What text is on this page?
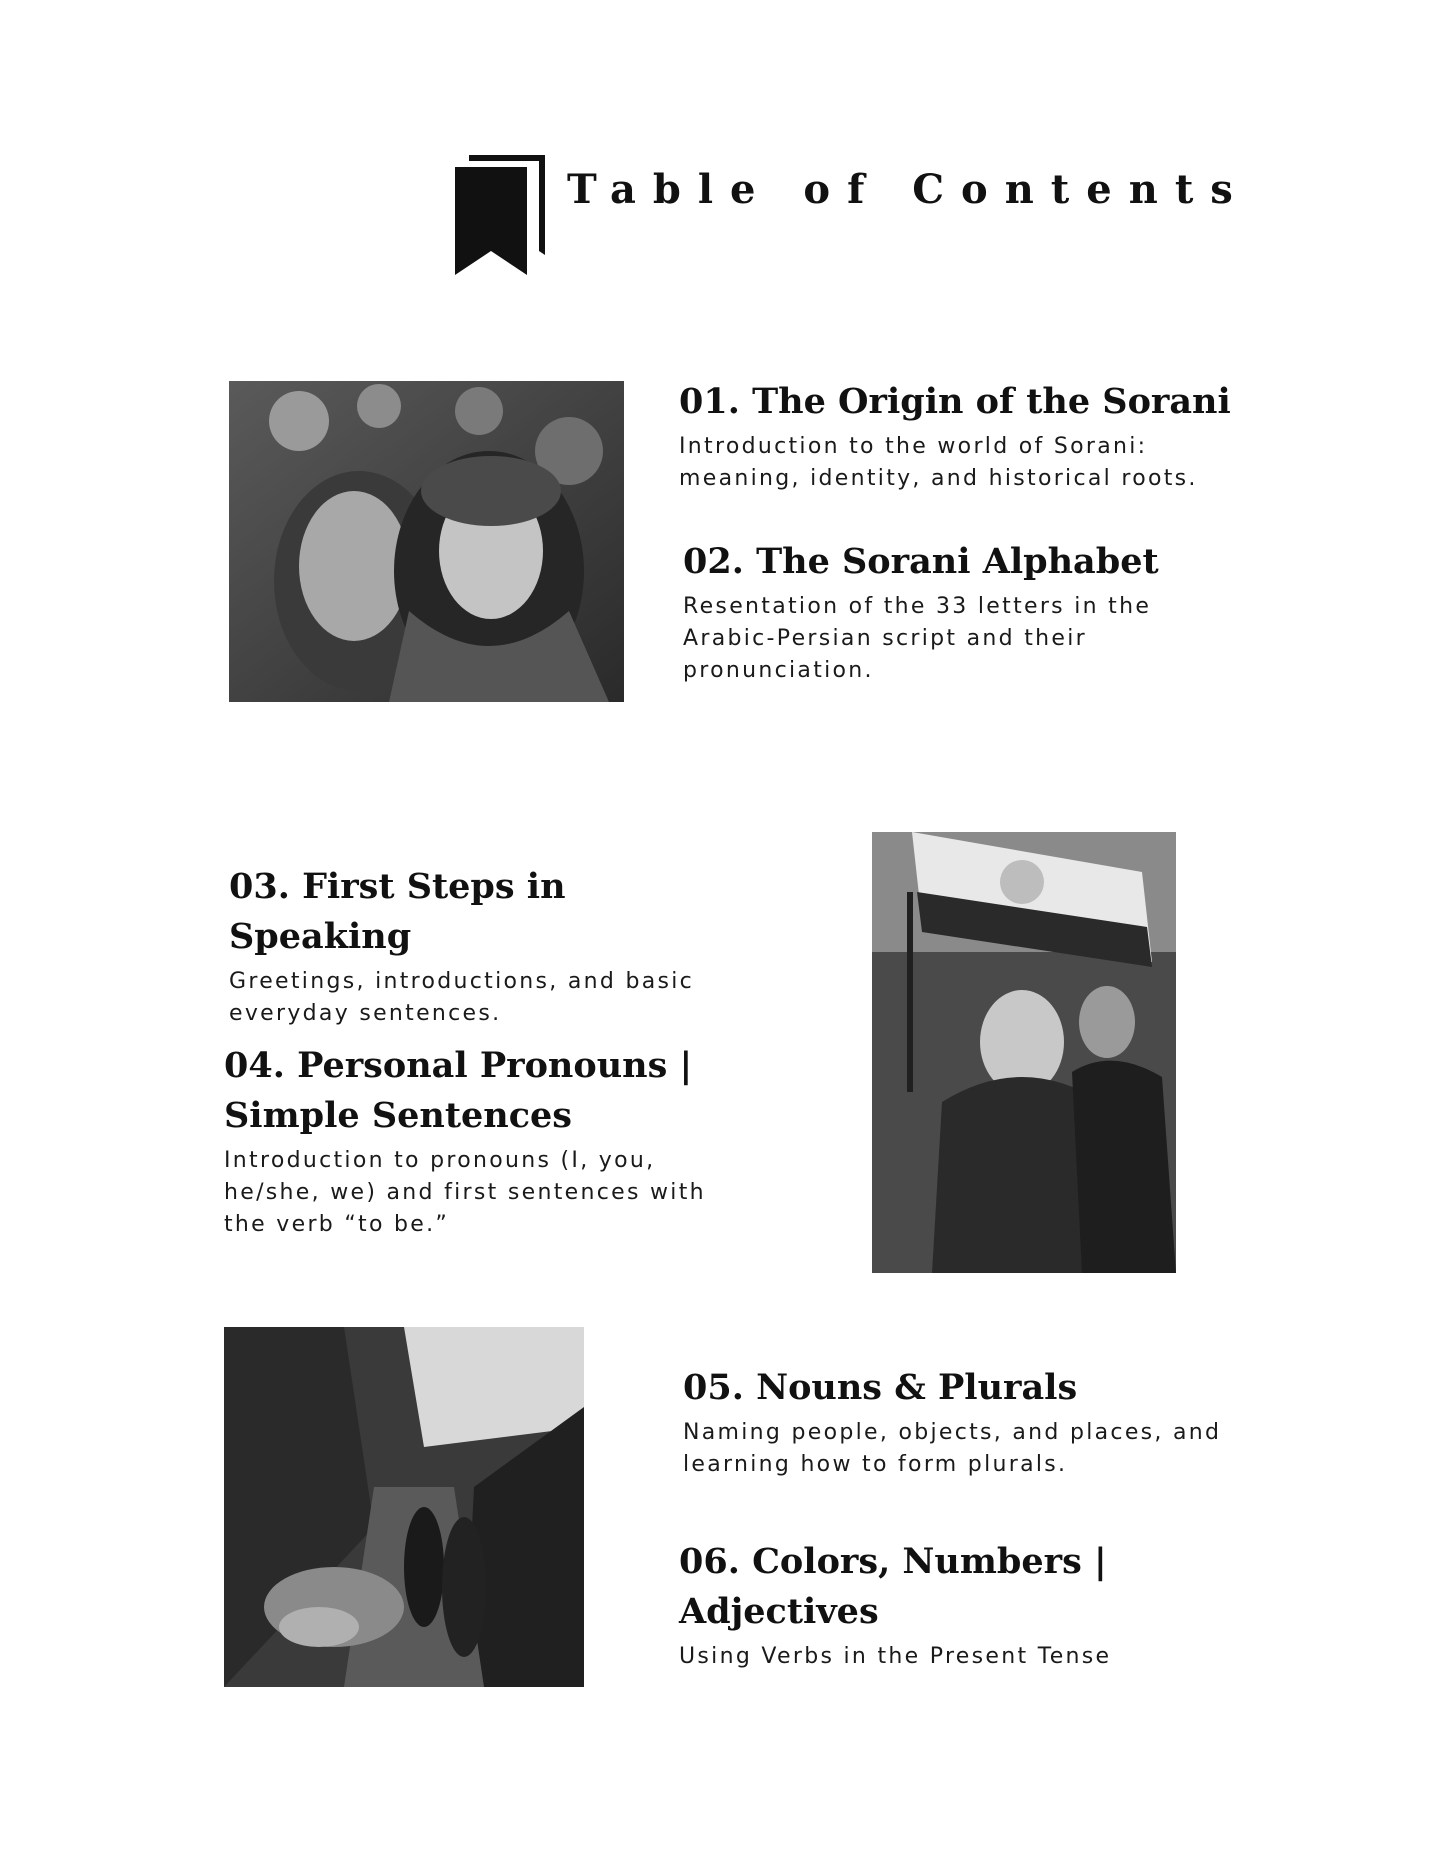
Table of Contents

01. The Origin of the Sorani

Introduction to the world of Sorani: meaning, identity, and historical roots.

02. The Sorani Alphabet

Resentation of the 33 letters in the Arabic-Persian script and their pronunciation.

03. First Steps in Speaking

Greetings, introductions, and basic everyday sentences.

04. Personal Pronouns | Simple Sentences

Introduction to pronouns (I, you, he/she, we) and first sentences with the verb “to be.”

05. Nouns & Plurals

Naming people, objects, and places, and learning how to form plurals.

06. Colors, Numbers | Adjectives

Using Verbs in the Present Tense
